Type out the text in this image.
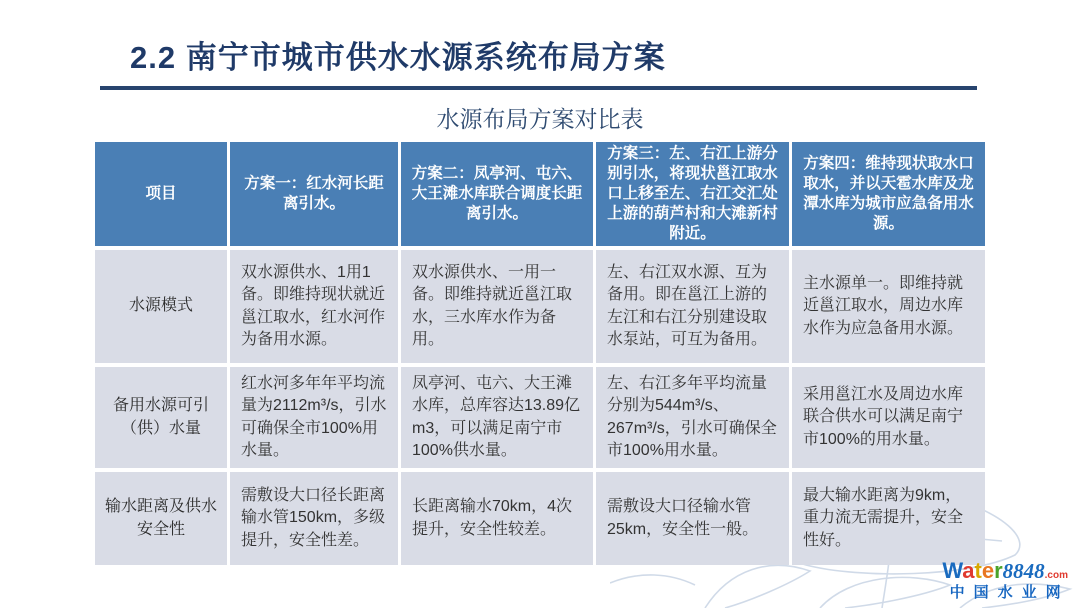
2.2 南宁市城市供水水源系统布局方案
水源布局方案对比表
项目
方案一：红水河长距离引水。
方案二：凤亭河、屯六、大王滩水库联合调度长距离引水。
方案三：左、右江上游分别引水，将现状邕江取水口上移至左、右江交汇处上游的葫芦村和大滩新村附近。
方案四：维持现状取水口取水，并以天雹水库及龙潭水库为城市应急备用水源。
水源模式
双水源供水、1用1备。即维持现状就近邕江取水，红水河作为备用水源。
双水源供水、一用一备。即维持就近邕江取水，三水库水作为备用。
左、右江双水源、互为备用。即在邕江上游的左江和右江分别建设取水泵站，可互为备用。
主水源单一。即维持就近邕江取水，周边水库水作为应急备用水源。
备用水源可引（供）水量
红水河多年年平均流量为2112m³/s，引水可确保全市100%用水量。
凤亭河、屯六、大王滩水库，总库容达13.89亿m3，可以满足南宁市100%供水量。
左、右江多年平均流量分别为544m³/s、267m³/s，引水可确保全市100%用水量。
采用邕江水及周边水库联合供水可以满足南宁市100%的用水量。
输水距离及供水安全性
需敷设大口径长距离输水管150km，多级提升，安全性差。
长距离输水70km，4次提升，安全性较差。
需敷设大口径输水管25km，安全性一般。
最大输水距离为9km，重力流无需提升，安全性好。
Water8848.com
中国水业网
